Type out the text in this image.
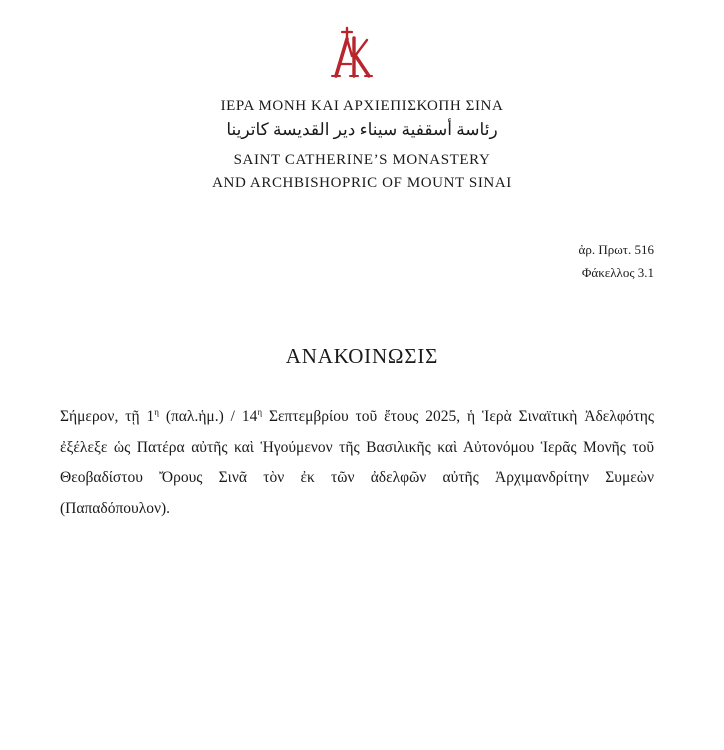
ΙΕΡΑ ΜΟΝΗ ΚΑΙ ΑΡΧΙΕΠΙΣΚΟΠΗ ΣΙΝΑ
رئاسة أسقفية سيناء دير القديسة كاترينا
SAINT CATHERINE’S MONASTERY
AND ARCHBISHOPRIC OF MOUNT SINAI
ἀρ. Πρωτ. 516
Φάκελλος 3.1
ΑΝΑΚΟΙΝΩΣΙΣ
Σήμερον, τῇ $1^\eta$ (παλ.ἡμ.) / $14^\eta$ Σεπτεμβρίου τοῦ ἔτους 2025, ἡ Ἱερὰ Σιναϊτικὴ Ἀδελφότης ἐξέλεξε ὡς Πατέρα αὐτῆς καὶ Ἡγούμενον τῆς Βασιλικῆς καὶ Αὐτονόμου Ἱερᾶς Μονῆς τοῦ Θεοβαδίστου Ὄρους Σινᾶ τὸν ἐκ τῶν ἀδελφῶν αὐτῆς Ἀρχιμανδρίτην Συμεὼν (Παπαδόπουλον).
